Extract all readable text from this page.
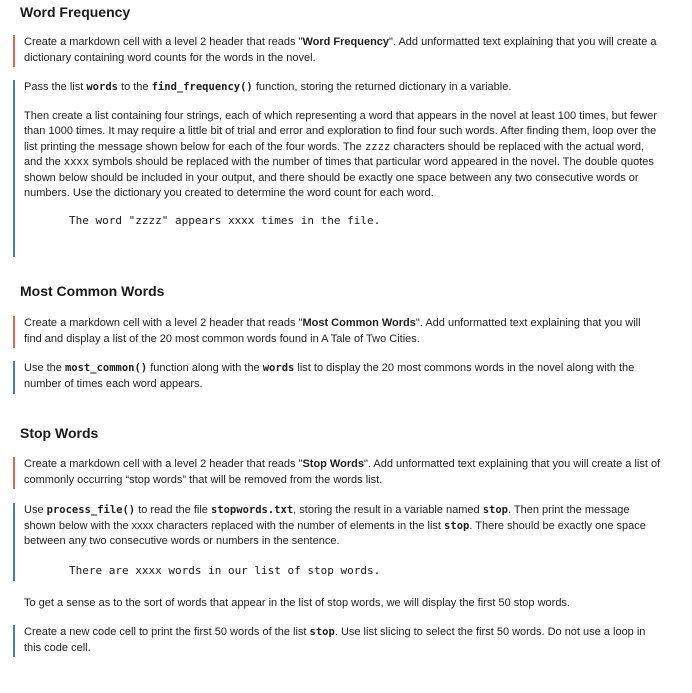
Word Frequency

Create a markdown cell with a level 2 header that reads "Word Frequency". Add unformatted text explaining that you will create a dictionary containing word counts for the words in the novel.

Pass the list words to the find_frequency() function, storing the returned dictionary in a variable.

Then create a list containing four strings, each of which representing a word that appears in the novel at least 100 times, but fewer than 1000 times. It may require a little bit of trial and error and exploration to find four such words. After finding them, loop over the list printing the message shown below for each of the four words. The zzzz characters should be replaced with the actual word, and the xxxx symbols should be replaced with the number of times that particular word appeared in the novel. The double quotes shown below should be included in your output, and there should be exactly one space between any two consecutive words or numbers. Use the dictionary you created to determine the word count for each word.

The word "zzzz" appears xxxx times in the file.
Most Common Words

Create a markdown cell with a level 2 header that reads "Most Common Words". Add unformatted text explaining that you will find and display a list of the 20 most common words found in A Tale of Two Cities.

Use the most_common() function along with the words list to display the 20 most commons words in the novel along with the number of times each word appears.

Stop Words

Create a markdown cell with a level 2 header that reads "Stop Words". Add unformatted text explaining that you will create a list of commonly occurring “stop words” that will be removed from the words list.

Use process_file() to read the file stopwords.txt, storing the result in a variable named stop. Then print the message shown below with the xxxx characters replaced with the number of elements in the list stop. There should be exactly one space between any two consecutive words or numbers in the sentence.

There are xxxx words in our list of stop words.

To get a sense as to the sort of words that appear in the list of stop words, we will display the first 50 stop words.

Create a new code cell to print the first 50 words of the list stop. Use list slicing to select the first 50 words. Do not use a loop in this code cell.
